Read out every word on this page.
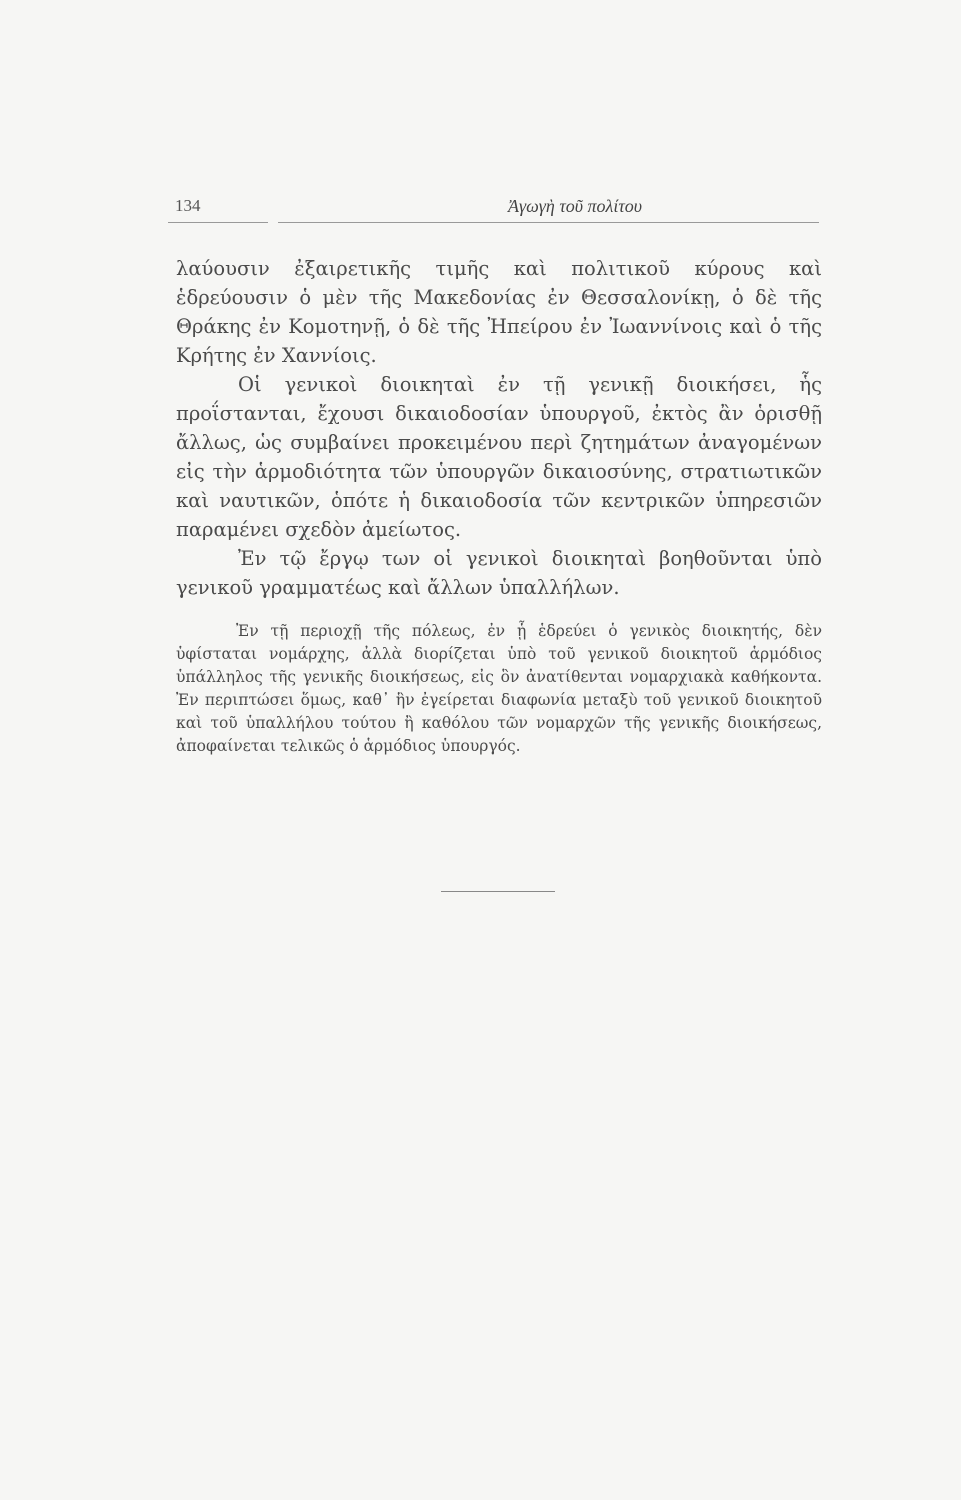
134	Ἀγωγὴ τοῦ πολίτου

λαύουσιν ἐξαιρετικῆς τιμῆς καὶ πολιτικοῦ κύρους καὶ ἑδρεύουσιν ὁ μὲν τῆς Μακεδονίας ἐν Θεσσαλονίκῃ, ὁ δὲ τῆς Θράκης ἐν Κομοτηνῇ, ὁ δὲ τῆς Ἠπείρου ἐν Ἰωαννίνοις καὶ ὁ τῆς Κρήτης ἐν Χαννίοις.

Οἱ γενικοὶ διοικηταὶ ἐν τῇ γενικῇ διοικήσει, ἧς προΐστανται, ἔχουσι δικαιοδοσίαν ὑπουργοῦ, ἐκτὸς ἂν ὁρισθῇ ἄλλως, ὡς συμβαίνει προκειμένου περὶ ζητημάτων ἀναγομένων εἰς τὴν ἁρμοδιότητα τῶν ὑπουργῶν δικαιοσύνης, στρατιωτικῶν καὶ ναυτικῶν, ὁπότε ἡ δικαιοδοσία τῶν κεντρικῶν ὑπηρεσιῶν παραμένει σχεδὸν ἀμείωτος.

Ἐν τῷ ἔργῳ των οἱ γενικοὶ διοικηταὶ βοηθοῦνται ὑπὸ γενικοῦ γραμματέως καὶ ἄλλων ὑπαλλήλων.

Ἐν τῇ περιοχῇ τῆς πόλεως, ἐν ᾗ ἑδρεύει ὁ γενικὸς διοικητής, δὲν ὑφίσταται νομάρχης, ἀλλὰ διορίζεται ὑπὸ τοῦ γενικοῦ διοικητοῦ ἁρμόδιος ὑπάλληλος τῆς γενικῆς διοικήσεως, εἰς ὃν ἀνατίθενται νομαρχιακὰ καθήκοντα. Ἐν περιπτώσει ὅμως, καθ᾽ ἣν ἐγείρεται διαφωνία μεταξὺ τοῦ γενικοῦ διοικητοῦ καὶ τοῦ ὑπαλλήλου τούτου ἢ καθόλου τῶν νομαρχῶν τῆς γενικῆς διοικήσεως, ἀποφαίνεται τελικῶς ὁ ἁρμόδιος ὑπουργός.
